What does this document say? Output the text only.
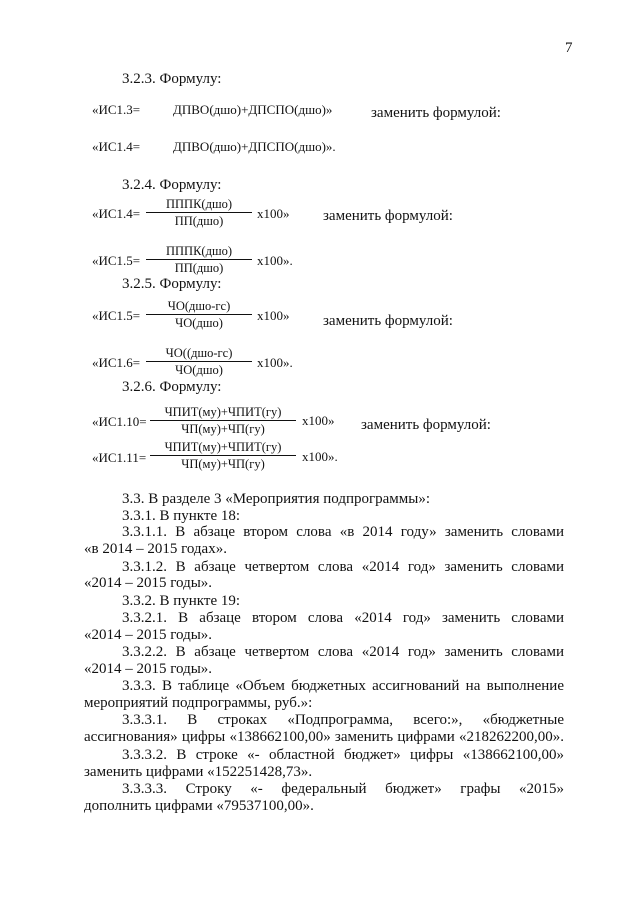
7
3.2.3. Формулу:
«ИС1.3=	ДПВО(дшо)+ДПСПО(дшо)»	заменить формулой:
«ИС1.4=	ДПВО(дшо)+ДПСПО(дшо)».
3.2.4. Формулу:
«ИС1.4=
ПППК(дшо)
ПП(дшо)	x100» заменить формулой:
«ИС1.5=
ПППК(дшо)
ПП(дшо)	x100».
3.2.5. Формулу:
«ИС1.5=
ЧО(дшо-гс)
ЧО(дшо)	x100» заменить формулой:
«ИС1.6=
ЧО((дшо-гс)
ЧО(дшо)	x100».
3.2.6. Формулу:
«ИС1.10=
ЧПИТ(му)+ЧПИТ(гу)
ЧП(му)+ЧП(гу)
x100» заменить формулой:
«ИС1.11=
ЧПИТ(му)+ЧПИТ(гу)
ЧП(му)+ЧП(гу)	x100».
3.3. В разделе 3 «Мероприятия подпрограммы»:
3.3.1. В пункте 18:
3.3.1.1. В абзаце втором слова «в 2014 году» заменить словами
«в 2014 – 2015 годах».
3.3.1.2. В абзаце четвертом слова «2014 год» заменить словами
«2014 – 2015 годы».
3.3.2. В пункте 19:
3.3.2.1. В абзаце втором слова «2014 год» заменить словами
«2014 – 2015 годы».
3.3.2.2. В абзаце четвертом слова «2014 год» заменить словами
«2014 – 2015 годы».
3.3.3. В таблице «Объем бюджетных ассигнований на выполнение
мероприятий подпрограммы, руб.»:
3.3.3.1. В строках «Подпрограмма, всего:», «бюджетные
ассигнования» цифры «138662100,00» заменить цифрами «218262200,00».
3.3.3.2. В строке «- областной бюджет» цифры «138662100,00»
заменить цифрами «152251428,73».
3.3.3.3. Строку «- федеральный бюджет» графы «2015»
дополнить цифрами «79537100,00».
